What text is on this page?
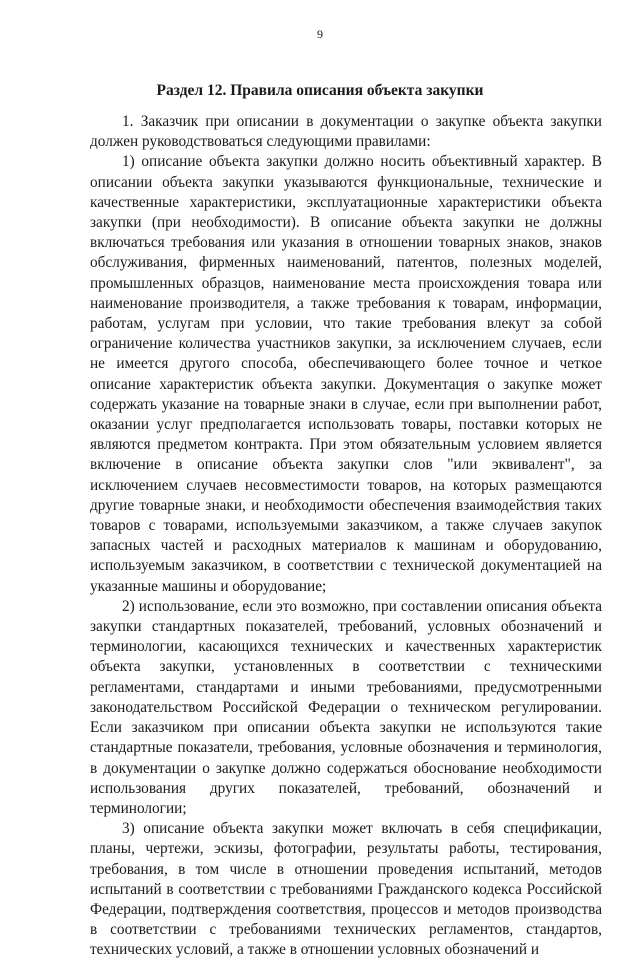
9
Раздел 12. Правила описания объекта закупки

1. Заказчик при описании в документации о закупке объекта закупки должен руководствоваться следующими правилами:

1) описание объекта закупки должно носить объективный характер. В описании объекта закупки указываются функциональные, технические и качественные характеристики, эксплуатационные характеристики объекта закупки (при необходимости). В описание объекта закупки не должны включаться требования или указания в отношении товарных знаков, знаков обслуживания, фирменных наименований, патентов, полезных моделей, промышленных образцов, наименование места происхождения товара или наименование производителя, а также требования к товарам, информации, работам, услугам при условии, что такие требования влекут за собой ограничение количества участников закупки, за исключением случаев, если не имеется другого способа, обеспечивающего более точное и четкое описание характеристик объекта закупки. Документация о закупке может содержать указание на товарные знаки в случае, если при выполнении работ, оказании услуг предполагается использовать товары, поставки которых не являются предметом контракта. При этом обязательным условием является включение в описание объекта закупки слов "или эквивалент", за исключением случаев несовместимости товаров, на которых размещаются другие товарные знаки, и необходимости обеспечения взаимодействия таких товаров с товарами, используемыми заказчиком, а также случаев закупок запасных частей и расходных материалов к машинам и оборудованию, используемым заказчиком, в соответствии с технической документацией на указанные машины и оборудование;

2) использование, если это возможно, при составлении описания объекта закупки стандартных показателей, требований, условных обозначений и терминологии, касающихся технических и качественных характеристик объекта закупки, установленных в соответствии с техническими регламентами, стандартами и иными требованиями, предусмотренными законодательством Российской Федерации о техническом регулировании. Если заказчиком при описании объекта закупки не используются такие стандартные показатели, требования, условные обозначения и терминология, в документации о закупке должно содержаться обоснование необходимости использования других показателей, требований, обозначений и терминологии;

3) описание объекта закупки может включать в себя спецификации, планы, чертежи, эскизы, фотографии, результаты работы, тестирования, требования, в том числе в отношении проведения испытаний, методов испытаний в соответствии с требованиями Гражданского кодекса Российской Федерации, подтверждения соответствия, процессов и методов производства в соответствии с требованиями технических регламентов, стандартов, технических условий, а также в отношении условных обозначений и
